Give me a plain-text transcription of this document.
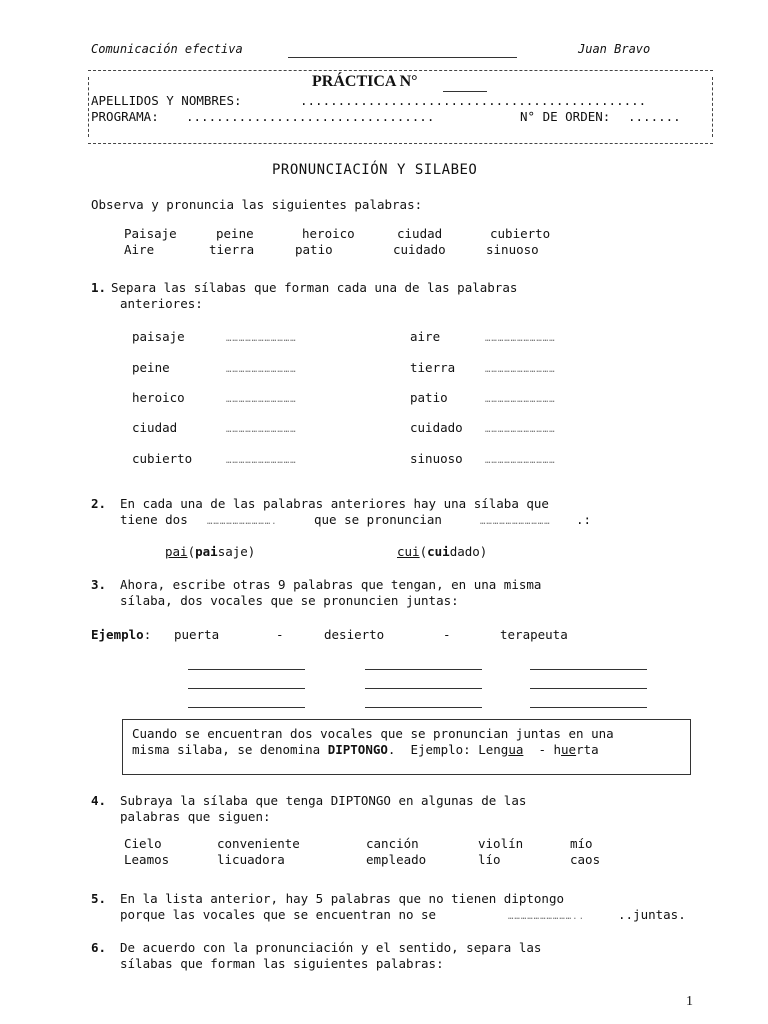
Comunicación efectiva	Juan Bravo
PRÁCTICA N°
APELLIDOS Y NOMBRES:	..............................................
PROGRAMA: .................................	N° DE ORDEN: .......
PRONUNCIACIÓN Y SILABEO
Observa y pronuncia las siguientes palabras:
Paisaje	peine	heroico	ciudad	cubierto
Aire	tierra	patio	cuidado	sinuoso
1. Separa las sílabas que forman cada una de las palabras
anteriores:
paisaje	……………………………	aire	……………………………
peine	……………………………	tierra	……………………………
heroico	……………………………	patio	……………………………
ciudad	……………………………	cuidado ……………………………
cubierto	……………………………	sinuoso ……………………………
2. En cada una de las palabras anteriores hay una sílaba que
tiene dos ………………………….	que se pronuncian	…………………………… .:
pai(paisaje)	cui(cuidado)
3. Ahora, escribe otras 9 palabras que tengan, en una misma
sílaba, dos vocales que se pronuncien juntas:
Ejemplo: puerta	-	desierto	-	terapeuta
Cuando se encuentran dos vocales que se pronuncian juntas en una
misma silaba, se denomina DIPTONGO.  Ejemplo: Lengua  - huerta
4. Subraya la sílaba que tenga DIPTONGO en algunas de las
palabras que siguen:
Cielo	conveniente	canción	violín	mío
Leamos	licuadora	empleado	lío	caos
5. En la lista anterior, hay 5 palabras que no tienen diptongo
porque las vocales que se encuentran no se	…………………………..	..juntas.
6. De acuerdo con la pronunciación y el sentido, separa las
sílabas que forman las siguientes palabras:
1
